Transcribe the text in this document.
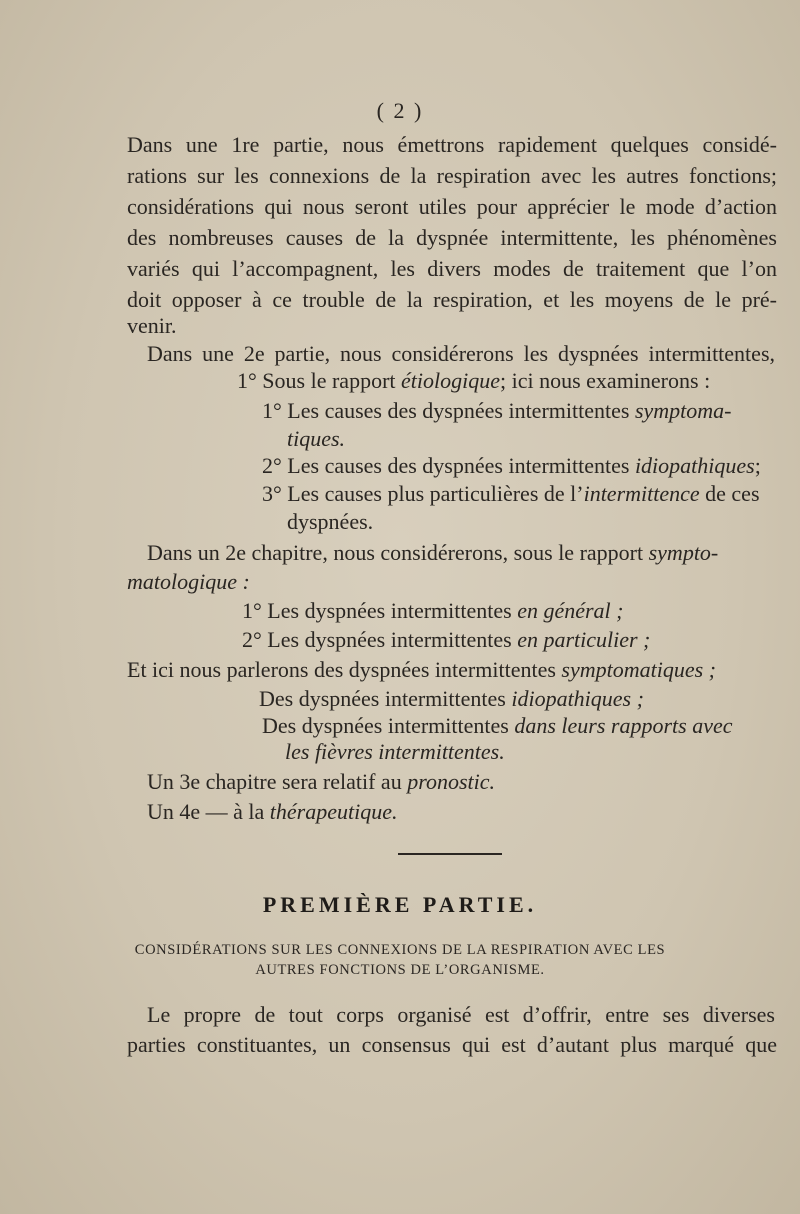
( 2 )
Dans une 1re partie, nous émettrons rapidement quelques considé-
rations sur les connexions de la respiration avec les autres fonctions;
considérations qui nous seront utiles pour apprécier le mode d’action
des nombreuses causes de la dyspnée intermittente, les phénomènes
variés qui l’accompagnent, les divers modes de traitement que l’on
doit opposer à ce trouble de la respiration, et les moyens de le pré-
venir.
Dans une 2e partie, nous considérerons les dyspnées intermittentes,
1° Sous le rapport étiologique; ici nous examinerons :
1° Les causes des dyspnées intermittentes symptoma-
tiques.
2° Les causes des dyspnées intermittentes idiopathiques;
3° Les causes plus particulières de l’intermittence de ces
dyspnées.
Dans un 2e chapitre, nous considérerons, sous le rapport sympto-
matologique :
1° Les dyspnées intermittentes en général ;
2° Les dyspnées intermittentes en particulier ;
Et ici nous parlerons des dyspnées intermittentes symptomatiques ;
Des dyspnées intermittentes idiopathiques ;
Des dyspnées intermittentes dans leurs rapports avec
les fièvres intermittentes.
Un 3e chapitre sera relatif au pronostic.
Un 4e — à la thérapeutique.
PREMIÈRE PARTIE.
CONSIDÉRATIONS SUR LES CONNEXIONS DE LA RESPIRATION AVEC LES
AUTRES FONCTIONS DE L’ORGANISME.
Le propre de tout corps organisé est d’offrir, entre ses diverses
parties constituantes, un consensus qui est d’autant plus marqué que
